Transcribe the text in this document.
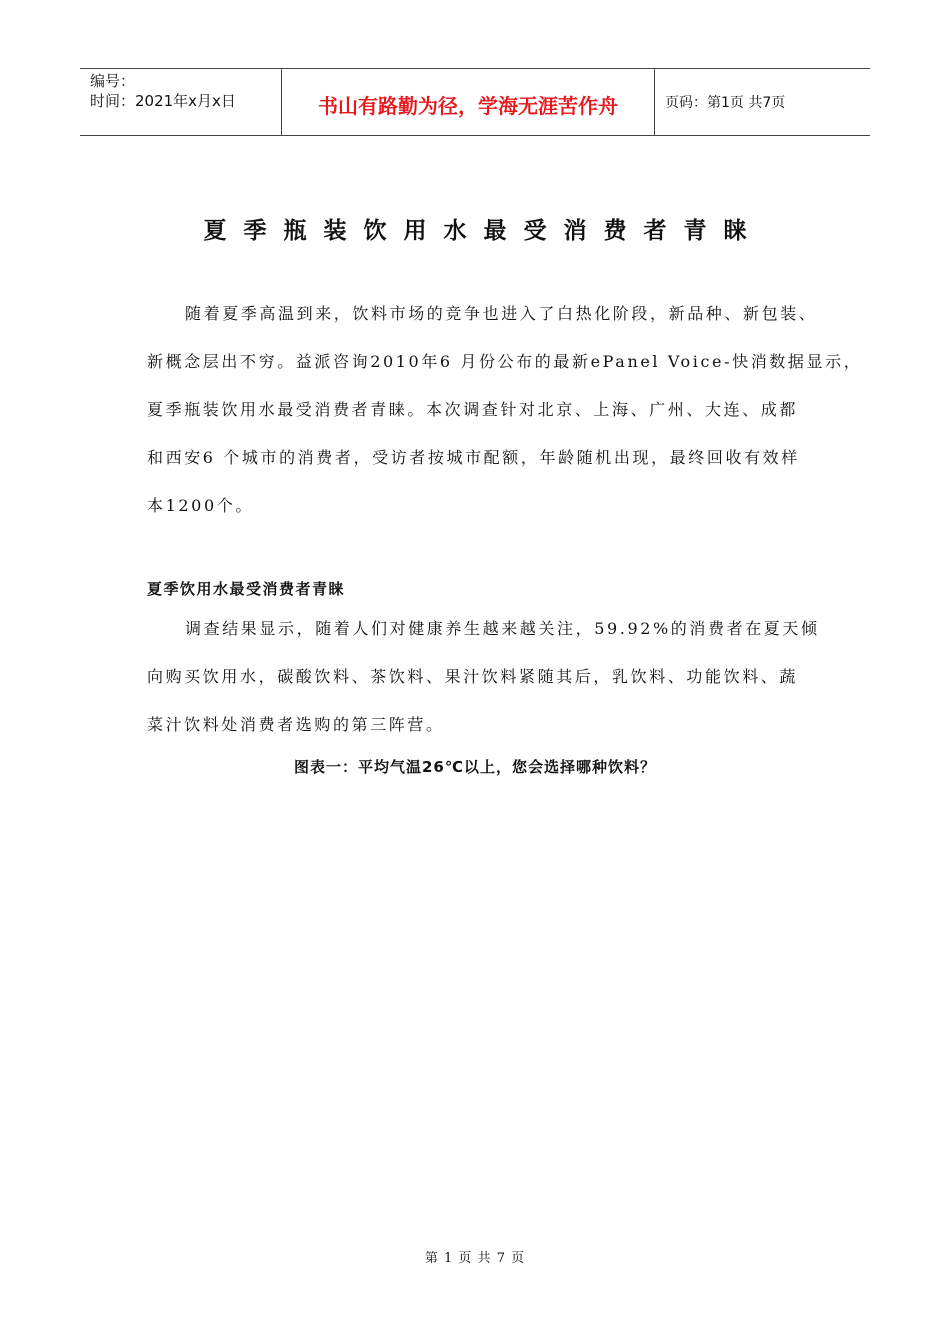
编号：
时间：2021年x月x日	书山有路勤为径，学海无涯苦作舟	页码：第1页 共7页
夏季瓶装饮用水最受消费者青睐
随着夏季高温到来，饮料市场的竞争也进入了白热化阶段，新品种、新包装、
新概念层出不穷。益派咨询2010年6 月份公布的最新ePanel Voice-快消数据显示，
夏季瓶装饮用水最受消费者青睐。本次调查针对北京、上海、广州、大连、成都
和西安6 个城市的消费者，受访者按城市配额，年龄随机出现，最终回收有效样
本1200个。
夏季饮用水最受消费者青睐
调查结果显示，随着人们对健康养生越来越关注，59.92%的消费者在夏天倾
向购买饮用水，碳酸饮料、茶饮料、果汁饮料紧随其后，乳饮料、功能饮料、蔬
菜汁饮料处消费者选购的第三阵营。
图表一：平均气温26℃以上，您会选择哪种饮料？
第 1 页 共 7 页
